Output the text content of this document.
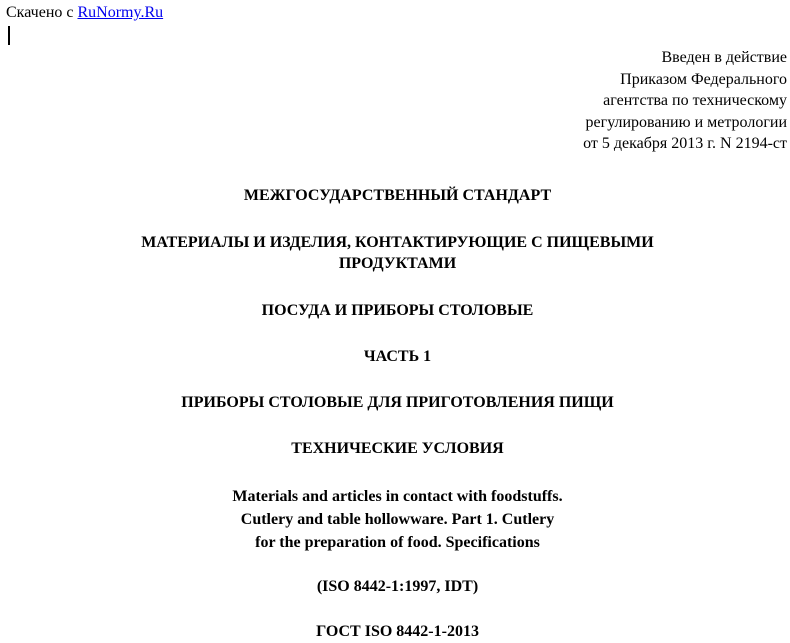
Скачено с RuNormy.Ru
Введен в действие
Приказом Федерального
агентства по техническому
регулированию и метрологии
от 5 декабря 2013 г. N 2194-ст
МЕЖГОСУДАРСТВЕННЫЙ СТАНДАРТ
МАТЕРИАЛЫ И ИЗДЕЛИЯ, КОНТАКТИРУЮЩИЕ С ПИЩЕВЫМИ
ПРОДУКТАМИ
ПОСУДА И ПРИБОРЫ СТОЛОВЫЕ
ЧАСТЬ 1
ПРИБОРЫ СТОЛОВЫЕ ДЛЯ ПРИГОТОВЛЕНИЯ ПИЩИ
ТЕХНИЧЕСКИЕ УСЛОВИЯ
Materials and articles in contact with foodstuffs.
Cutlery and table hollowware. Part 1. Cutlery
for the preparation of food. Specifications
(ISO 8442-1:1997, IDT)
ГОСТ ISO 8442-1-2013
